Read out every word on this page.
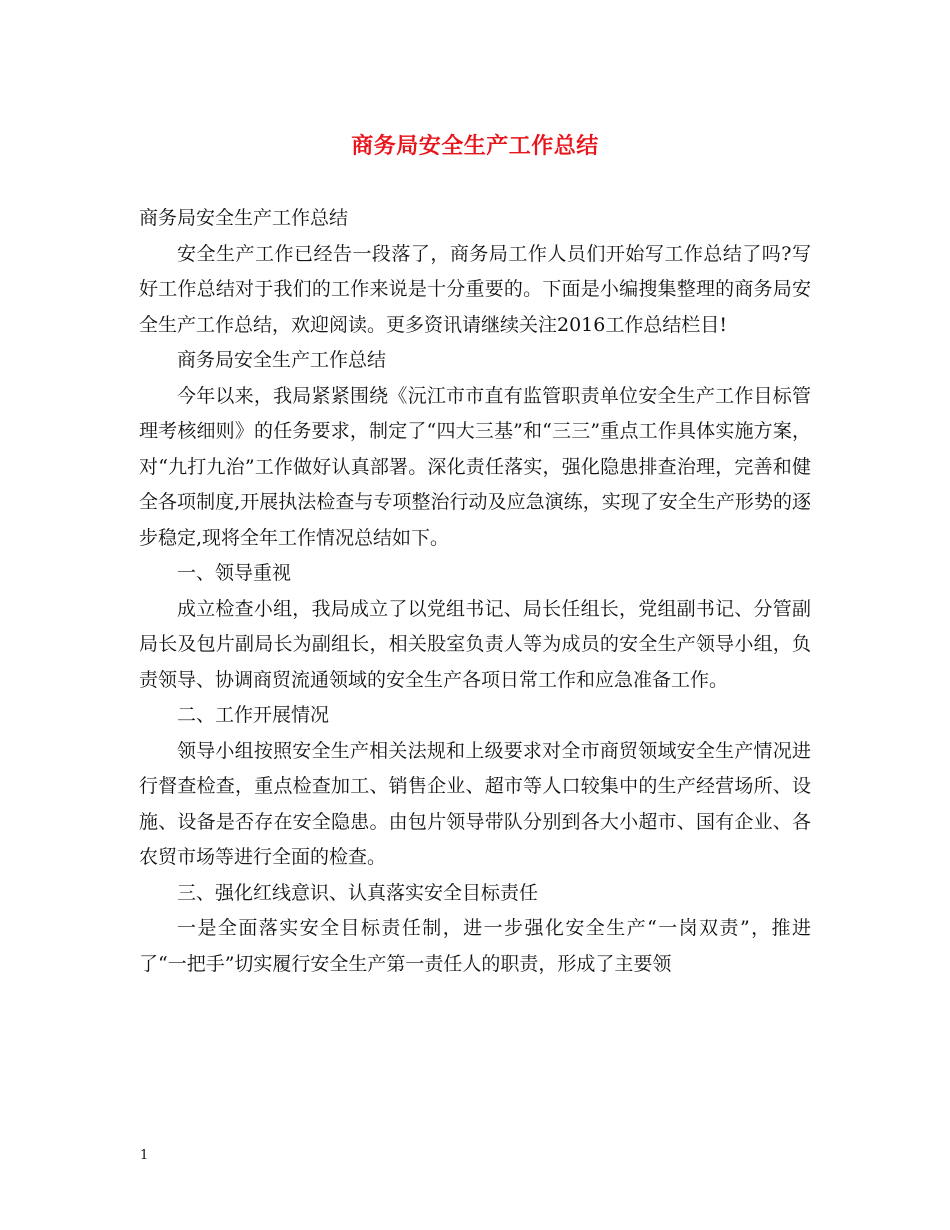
商务局安全生产工作总结

商务局安全生产工作总结

安全生产工作已经告一段落了，商务局工作人员们开始写工作总结了吗?写好工作总结对于我们的工作来说是十分重要的。下面是小编搜集整理的商务局安全生产工作总结，欢迎阅读。更多资讯请继续关注2016工作总结栏目!

商务局安全生产工作总结

今年以来，我局紧紧围绕《沅江市市直有监管职责单位安全生产工作目标管理考核细则》的任务要求，制定了“四大三基”和“三三”重点工作具体实施方案，对“九打九治”工作做好认真部署。深化责任落实，强化隐患排查治理，完善和健全各项制度,开展执法检查与专项整治行动及应急演练，实现了安全生产形势的逐步稳定,现将全年工作情况总结如下。

一、领导重视

成立检查小组，我局成立了以党组书记、局长任组长，党组副书记、分管副局长及包片副局长为副组长，相关股室负责人等为成员的安全生产领导小组，负责领导、协调商贸流通领域的安全生产各项日常工作和应急准备工作。

二、工作开展情况

领导小组按照安全生产相关法规和上级要求对全市商贸领域安全生产情况进行督查检查，重点检查加工、销售企业、超市等人口较集中的生产经营场所、设施、设备是否存在安全隐患。由包片领导带队分别到各大小超市、国有企业、各农贸市场等进行全面的检查。

三、强化红线意识、认真落实安全目标责任

一是全面落实安全目标责任制，进一步强化安全生产“一岗双责”，推进了“一把手”切实履行安全生产第一责任人的职责，形成了主要领

1
